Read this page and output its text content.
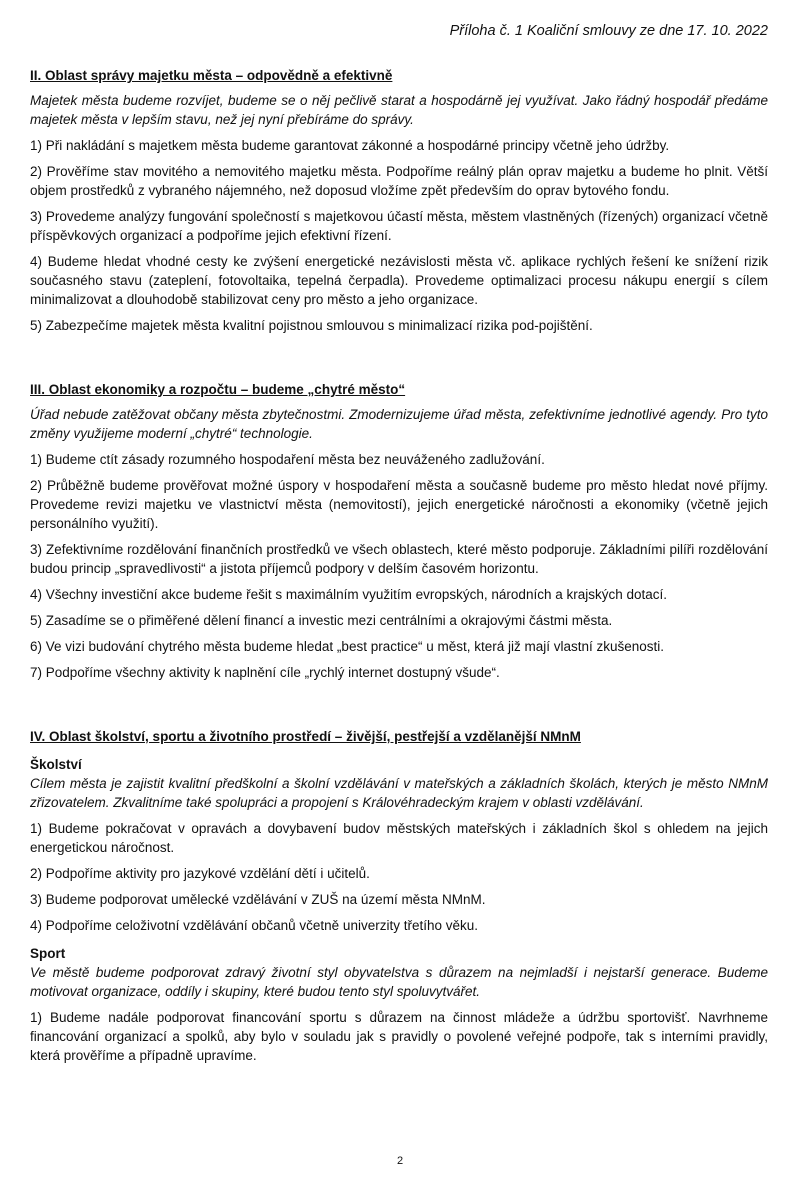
Příloha č. 1 Koaliční smlouvy ze dne 17. 10. 2022
II. Oblast správy majetku města – odpovědně a efektivně

Majetek města budeme rozvíjet, budeme se o něj pečlivě starat a hospodárně jej využívat. Jako řádný hospodář předáme majetek města v lepším stavu, než jej nyní přebíráme do správy.

1) Při nakládání s majetkem města budeme garantovat zákonné a hospodárné principy včetně jeho údržby.

2) Prověříme stav movitého a nemovitého majetku města. Podpoříme reálný plán oprav majetku a budeme ho plnit. Větší objem prostředků z vybraného nájemného, než doposud vložíme zpět především do oprav bytového fondu.

3) Provedeme analýzy fungování společností s majetkovou účastí města, městem vlastněných (řízených) organizací včetně příspěvkových organizací a podpoříme jejich efektivní řízení.

4) Budeme hledat vhodné cesty ke zvýšení energetické nezávislosti města vč. aplikace rychlých řešení ke snížení rizik současného stavu (zateplení, fotovoltaika, tepelná čerpadla). Provedeme optimalizaci procesu nákupu energií s cílem minimalizovat a dlouhodobě stabilizovat ceny pro město a jeho organizace.

5) Zabezpečíme majetek města kvalitní pojistnou smlouvou s minimalizací rizika pod-pojištění.

III. Oblast ekonomiky a rozpočtu – budeme „chytré město“

Úřad nebude zatěžovat občany města zbytečnostmi. Zmodernizujeme úřad města, zefektivníme jednotlivé agendy. Pro tyto změny využijeme moderní „chytré“ technologie.

1) Budeme ctít zásady rozumného hospodaření města bez neuváženého zadlužování.

2) Průběžně budeme prověřovat možné úspory v hospodaření města a současně budeme pro město hledat nové příjmy. Provedeme revizi majetku ve vlastnictví města (nemovitostí), jejich energetické náročnosti a ekonomiky (včetně jejich personálního využití).

3) Zefektivníme rozdělování finančních prostředků ve všech oblastech, které město podporuje. Základními pilíři rozdělování budou princip „spravedlivosti“ a jistota příjemců podpory v delším časovém horizontu.

4) Všechny investiční akce budeme řešit s maximálním využitím evropských, národních a krajských dotací.

5) Zasadíme se o přiměřené dělení financí a investic mezi centrálními a okrajovými částmi města.

6) Ve vizi budování chytrého města budeme hledat „best practice“ u měst, která již mají vlastní zkušenosti.

7) Podpoříme všechny aktivity k naplnění cíle „rychlý internet dostupný všude“.

IV. Oblast školství, sportu a životního prostředí – živější, pestřejší a vzdělanější NMnM
Školství

Cílem města je zajistit kvalitní předškolní a školní vzdělávání v mateřských a základních školách, kterých je město NMnM zřizovatelem. Zkvalitníme také spolupráci a propojení s Královéhradeckým krajem v oblasti vzdělávání.

1) Budeme pokračovat v opravách a dovybavení budov městských mateřských i základních škol s ohledem na jejich energetickou náročnost.

2) Podpoříme aktivity pro jazykové vzdělání dětí i učitelů.

3) Budeme podporovat umělecké vzdělávání v ZUŠ na území města NMnM.

4) Podpoříme celoživotní vzdělávání občanů včetně univerzity třetího věku.

Sport

Ve městě budeme podporovat zdravý životní styl obyvatelstva s důrazem na nejmladší i nejstarší generace. Budeme motivovat organizace, oddíly i skupiny, které budou tento styl spoluvytvářet.

1) Budeme nadále podporovat financování sportu s důrazem na činnost mládeže a údržbu sportovišť. Navrhneme financování organizací a spolků, aby bylo v souladu jak s pravidly o povolené veřejné podpoře, tak s interními pravidly, která prověříme a případně upravíme.

2
